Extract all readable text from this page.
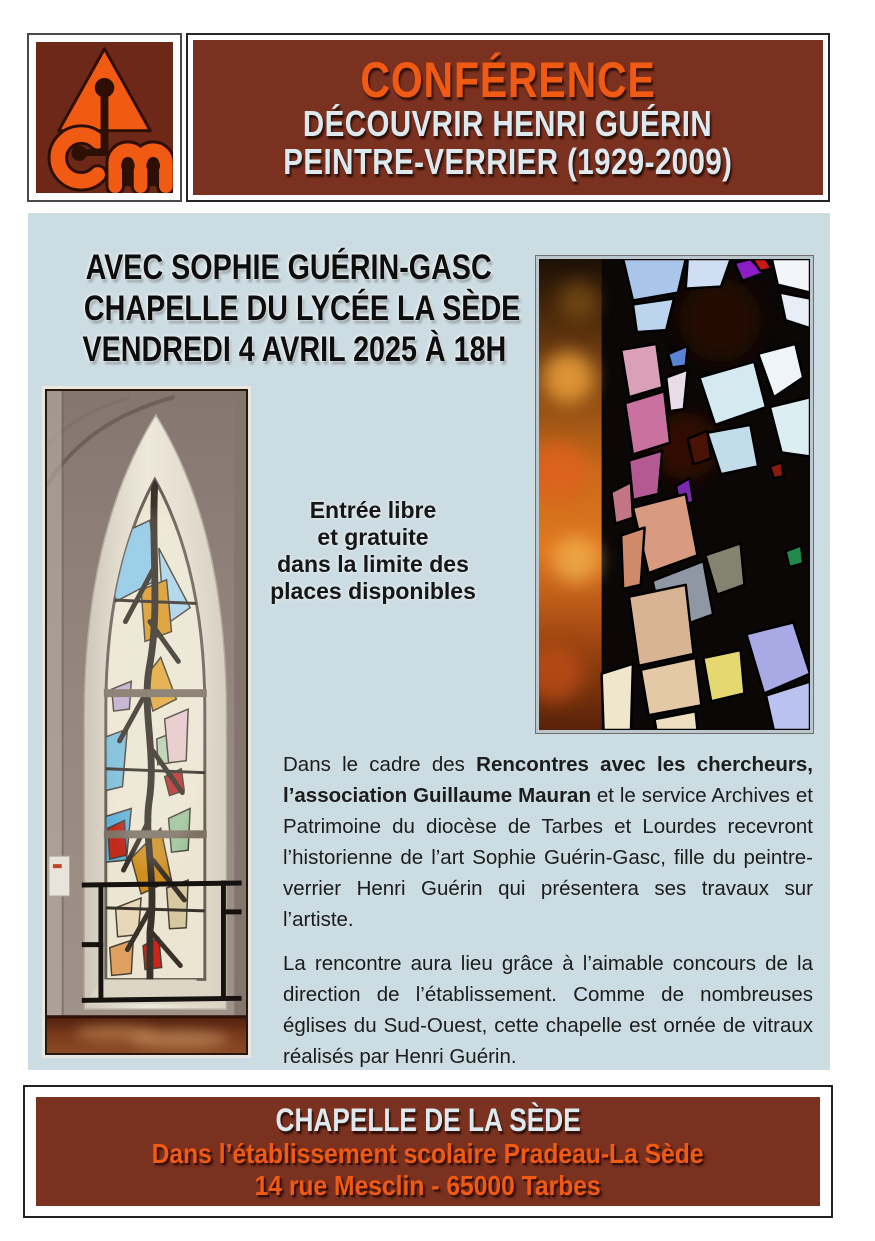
CONFÉRENCE
DÉCOUVRIR HENRI GUÉRIN
PEINTRE-VERRIER (1929-2009)
AVEC SOPHIE GUÉRIN-GASC
CHAPELLE DU LYCÉE LA SÈDE
VENDREDI 4 AVRIL 2025 À 18H
Entrée libre
et gratuite
dans la limite des
places disponibles
Dans le cadre des Rencontres avec les chercheurs, l’association Guillaume Mauran et le service Archives et Patrimoine du diocèse de Tarbes et Lourdes recevront l’historienne de l’art Sophie Guérin-Gasc, fille du peintre-verrier Henri Guérin qui présentera ses travaux sur l’artiste.
La rencontre aura lieu grâce à l’aimable concours de la direction de l’établissement. Comme de nombreuses églises du Sud-Ouest, cette chapelle est ornée de vitraux réalisés par Henri Guérin.
CHAPELLE DE LA SÈDE
Dans l’établissement scolaire Pradeau-La Sède
14 rue Mesclin - 65000 Tarbes
